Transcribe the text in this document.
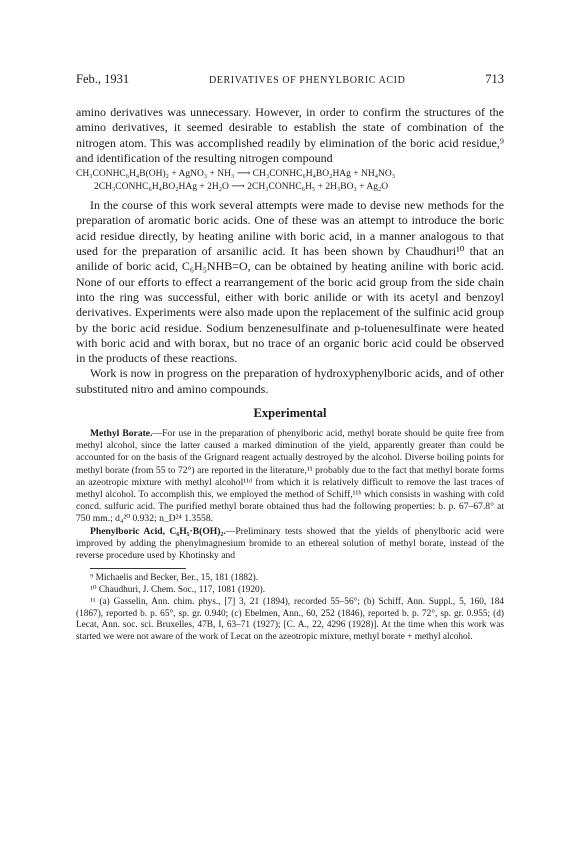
Feb., 1931	DERIVATIVES OF PHENYLBORIC ACID	713

amino derivatives was unnecessary. However, in order to confirm the structures of the amino derivatives, it seemed desirable to establish the state of combination of the nitrogen atom. This was accomplished readily by elimination of the boric acid residue,⁹ and identification of the resulting nitrogen compound

CH₃CONHC₆H₄B(OH)₂ + AgNO₃ + NH₃ ⟶ CH₃CONHC₆H₄BO₂HAg + NH₄NO₃
2CH₃CONHC₆H₄BO₂HAg + 2H₂O ⟶ 2CH₃CONHC₆H₅ + 2H₃BO₃ + Ag₂O

In the course of this work several attempts were made to devise new methods for the preparation of aromatic boric acids. One of these was an attempt to introduce the boric acid residue directly, by heating aniline with boric acid, in a manner analogous to that used for the preparation of arsanilic acid. It has been shown by Chaudhuri¹⁰ that an anilide of boric acid, C₆H₅NHB=O, can be obtained by heating aniline with boric acid. None of our efforts to effect a rearrangement of the boric acid group from the side chain into the ring was successful, either with boric anilide or with its acetyl and benzoyl derivatives. Experiments were also made upon the replacement of the sulfinic acid group by the boric acid residue. Sodium benzenesulfinate and p-toluenesulfinate were heated with boric acid and with borax, but no trace of an organic boric acid could be observed in the products of these reactions.

Work is now in progress on the preparation of hydroxyphenylboric acids, and of other substituted nitro and amino compounds.

Experimental

Methyl Borate.—For use in the preparation of phenylboric acid, methyl borate should be quite free from methyl alcohol, since the latter caused a marked diminution of the yield, apparently greater than could be accounted for on the basis of the Grignard reagent actually destroyed by the alcohol. Diverse boiling points for methyl borate (from 55 to 72°) are reported in the literature,¹¹ probably due to the fact that methyl borate forms an azeotropic mixture with methyl alcohol¹¹ᵈ from which it is relatively difficult to remove the last traces of methyl alcohol. To accomplish this, we employed the method of Schiff,¹¹ᵇ which consists in washing with cold concd. sulfuric acid. The purified methyl borate obtained thus had the following properties: b. p. 67–67.8° at 750 mm.; d₄²⁰ 0.932; n_D²⁴ 1.3558.

Phenylboric Acid, C₆H₅·B(OH)₂.—Preliminary tests showed that the yields of phenylboric acid were improved by adding the phenylmagnesium bromide to an ethereal solution of methyl borate, instead of the reverse procedure used by Khotinsky and

⁹ Michaelis and Becker, Ber., 15, 181 (1882).

¹⁰ Chaudhuri, J. Chem. Soc., 117, 1081 (1920).

¹¹ (a) Gasselin, Ann. chim. phys., [7] 3, 21 (1894), recorded 55–56°; (b) Schiff, Ann. Suppl., 5, 160, 184 (1867), reported b. p. 65°, sp. gr. 0.940; (c) Ebelmen, Ann., 60, 252 (1846), reported b. p. 72°, sp. gr. 0.955; (d) Lecat, Ann. soc. sci. Bruxelles, 47B, I, 63–71 (1927); [C. A., 22, 4296 (1928)]. At the time when this work was started we were not aware of the work of Lecat on the azeotropic mixture, methyl borate + methyl alcohol.
